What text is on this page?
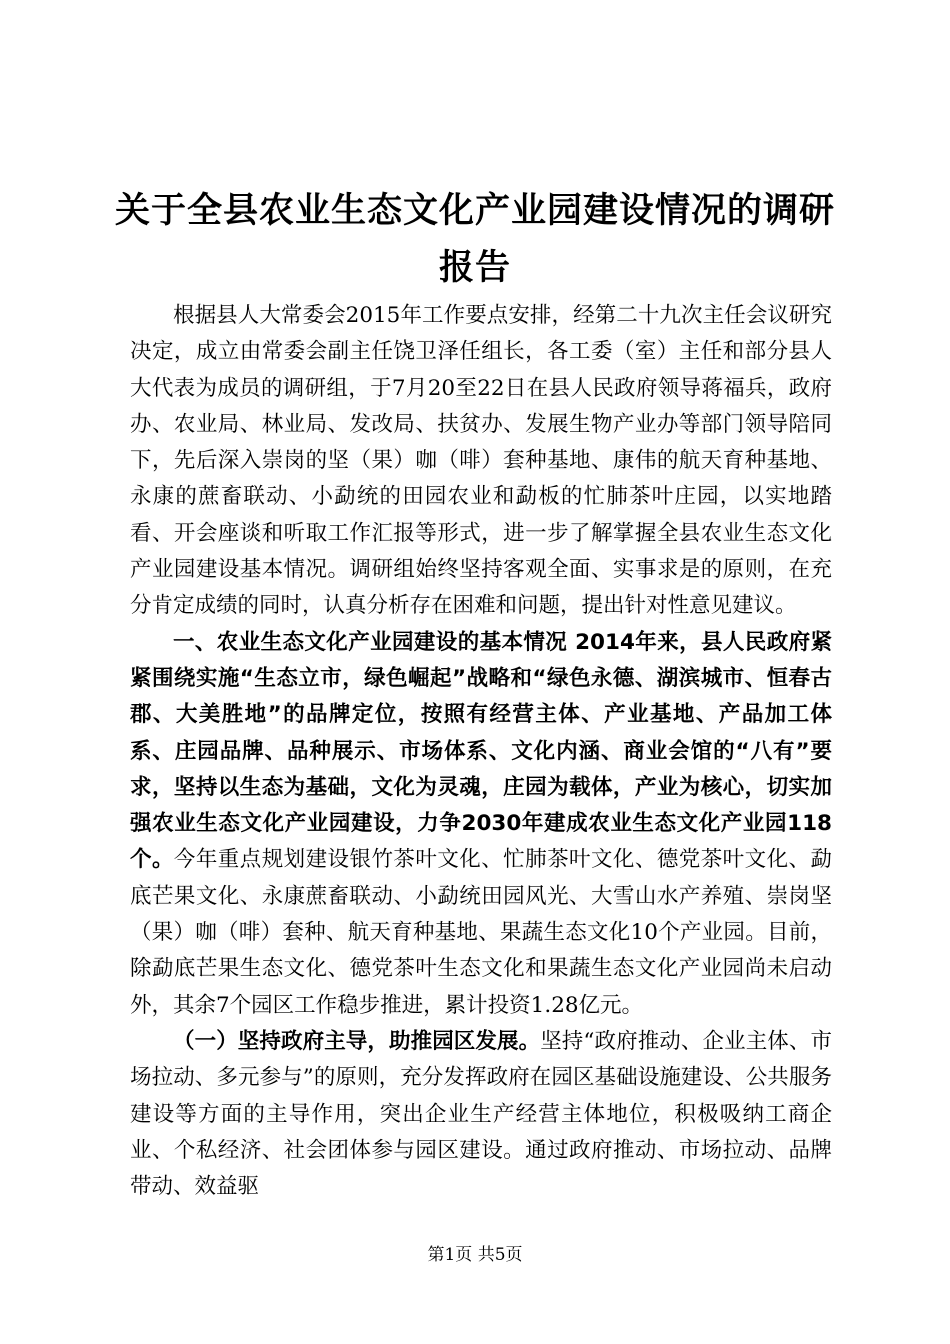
关于全县农业生态文化产业园建设情况的调研
报告

根据县人大常委会2015年工作要点安排，经第二十九次主任会议研究决定，成立由常委会副主任饶卫泽任组长，各工委（室）主任和部分县人大代表为成员的调研组，于7月20至22日在县人民政府领导蒋福兵，政府办、农业局、林业局、发改局、扶贫办、发展生物产业办等部门领导陪同下，先后深入崇岗的坚（果）咖（啡）套种基地、康伟的航天育种基地、永康的蔗畜联动、小勐统的田园农业和勐板的忙肺茶叶庄园，以实地踏看、开会座谈和听取工作汇报等形式，进一步了解掌握全县农业生态文化产业园建设基本情况。调研组始终坚持客观全面、实事求是的原则，在充分肯定成绩的同时，认真分析存在困难和问题，提出针对性意见建议。

一、农业生态文化产业园建设的基本情况 2014年来，县人民政府紧紧围绕实施“生态立市，绿色崛起”战略和“绿色永德、湖滨城市、恒春古郡、大美胜地”的品牌定位，按照有经营主体、产业基地、产品加工体系、庄园品牌、品种展示、市场体系、文化内涵、商业会馆的“八有”要求，坚持以生态为基础，文化为灵魂，庄园为载体，产业为核心，切实加强农业生态文化产业园建设，力争2030年建成农业生态文化产业园118个。今年重点规划建设银竹茶叶文化、忙肺茶叶文化、德党茶叶文化、勐底芒果文化、永康蔗畜联动、小勐统田园风光、大雪山水产养殖、崇岗坚（果）咖（啡）套种、航天育种基地、果蔬生态文化10个产业园。目前，除勐底芒果生态文化、德党茶叶生态文化和果蔬生态文化产业园尚未启动外，其余7个园区工作稳步推进，累计投资1.28亿元。

（一）坚持政府主导，助推园区发展。坚持“政府推动、企业主体、市场拉动、多元参与”的原则，充分发挥政府在园区基础设施建设、公共服务建设等方面的主导作用，突出企业生产经营主体地位，积极吸纳工商企业、个私经济、社会团体参与园区建设。通过政府推动、市场拉动、品牌带动、效益驱

第1页 共5页
